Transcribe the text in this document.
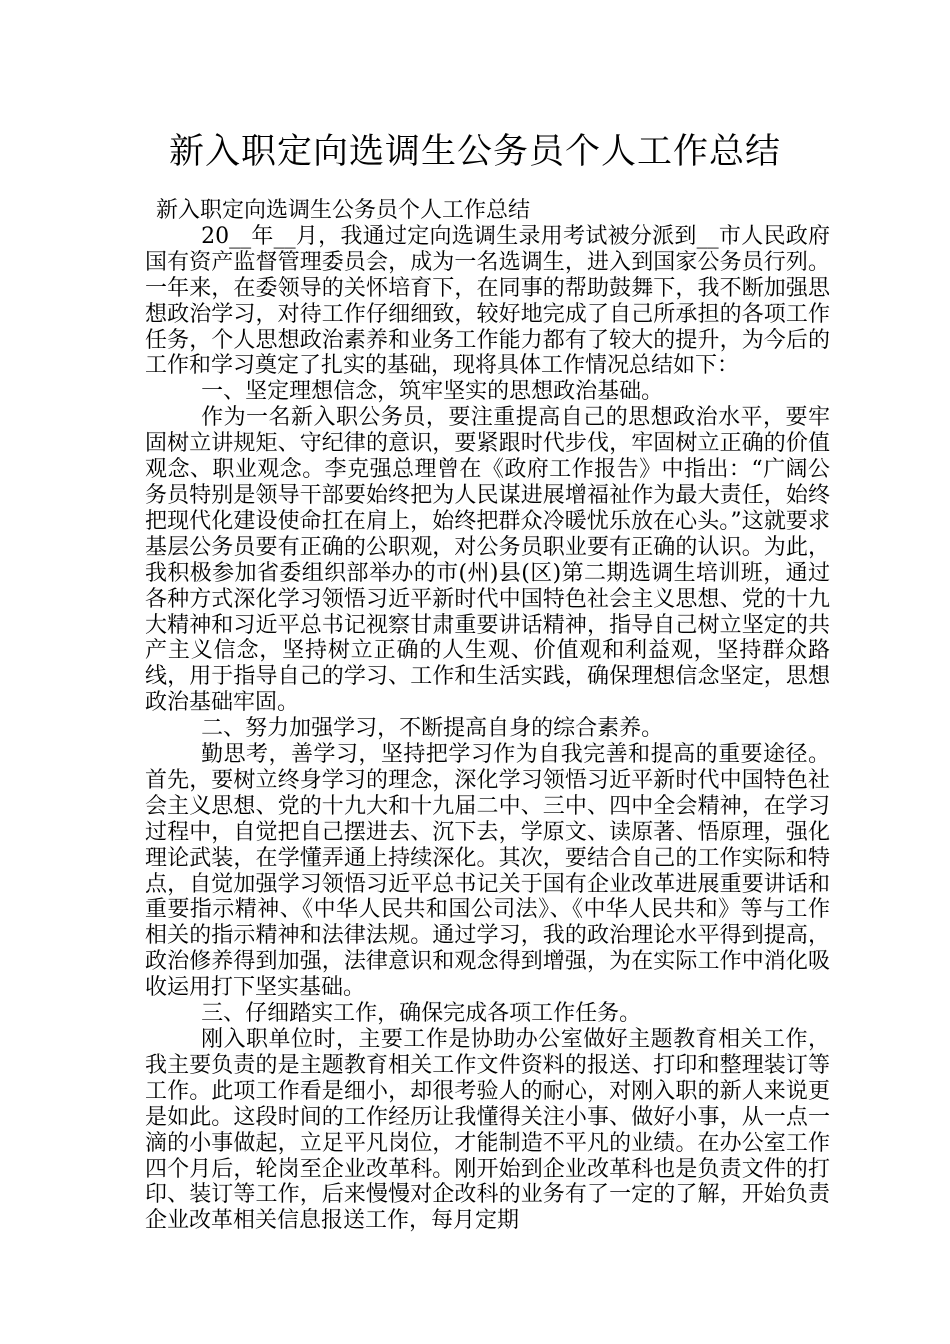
新入职定向选调生公务员个人工作总结

新入职定向选调生公务员个人工作总结

20__年__月，我通过定向选调生录用考试被分派到__市人民政府国有资产监督管理委员会，成为一名选调生，进入到国家公务员行列。一年来，在委领导的关怀培育下，在同事的帮助鼓舞下，我不断加强思想政治学习，对待工作仔细细致，较好地完成了自己所承担的各项工作任务，个人思想政治素养和业务工作能力都有了较大的提升，为今后的工作和学习奠定了扎实的基础，现将具体工作情况总结如下：

一、坚定理想信念，筑牢坚实的思想政治基础。

作为一名新入职公务员，要注重提高自己的思想政治水平，要牢固树立讲规矩、守纪律的意识，要紧跟时代步伐，牢固树立正确的价值观念、职业观念。李克强总理曾在《政府工作报告》中指出：“广阔公务员特别是领导干部要始终把为人民谋进展增福祉作为最大责任，始终把现代化建设使命扛在肩上，始终把群众冷暖忧乐放在心头。”这就要求基层公务员要有正确的公职观，对公务员职业要有正确的认识。为此，我积极参加省委组织部举办的市(州)县(区)第二期选调生培训班，通过各种方式深化学习领悟习近平新时代中国特色社会主义思想、党的十九大精神和习近平总书记视察甘肃重要讲话精神，指导自己树立坚定的共产主义信念，坚持树立正确的人生观、价值观和利益观，坚持群众路线，用于指导自己的学习、工作和生活实践，确保理想信念坚定，思想政治基础牢固。

二、努力加强学习，不断提高自身的综合素养。

勤思考，善学习，坚持把学习作为自我完善和提高的重要途径。首先，要树立终身学习的理念，深化学习领悟习近平新时代中国特色社会主义思想、党的十九大和十九届二中、三中、四中全会精神，在学习过程中，自觉把自己摆进去、沉下去，学原文、读原著、悟原理，强化理论武装，在学懂弄通上持续深化。其次，要结合自己的工作实际和特点，自觉加强学习领悟习近平总书记关于国有企业改革进展重要讲话和重要指示精神、《中华人民共和国公司法》、《中华人民共和》等与工作相关的指示精神和法律法规。通过学习，我的政治理论水平得到提高，政治修养得到加强，法律意识和观念得到增强，为在实际工作中消化吸收运用打下坚实基础。

三、仔细踏实工作，确保完成各项工作任务。

刚入职单位时，主要工作是协助办公室做好主题教育相关工作，我主要负责的是主题教育相关工作文件资料的报送、打印和整理装订等工作。此项工作看是细小，却很考验人的耐心，对刚入职的新人来说更是如此。这段时间的工作经历让我懂得关注小事、做好小事，从一点一滴的小事做起，立足平凡岗位，才能制造不平凡的业绩。在办公室工作四个月后，轮岗至企业改革科。刚开始到企业改革科也是负责文件的打印、装订等工作，后来慢慢对企改科的业务有了一定的了解，开始负责企业改革相关信息报送工作，每月定期
